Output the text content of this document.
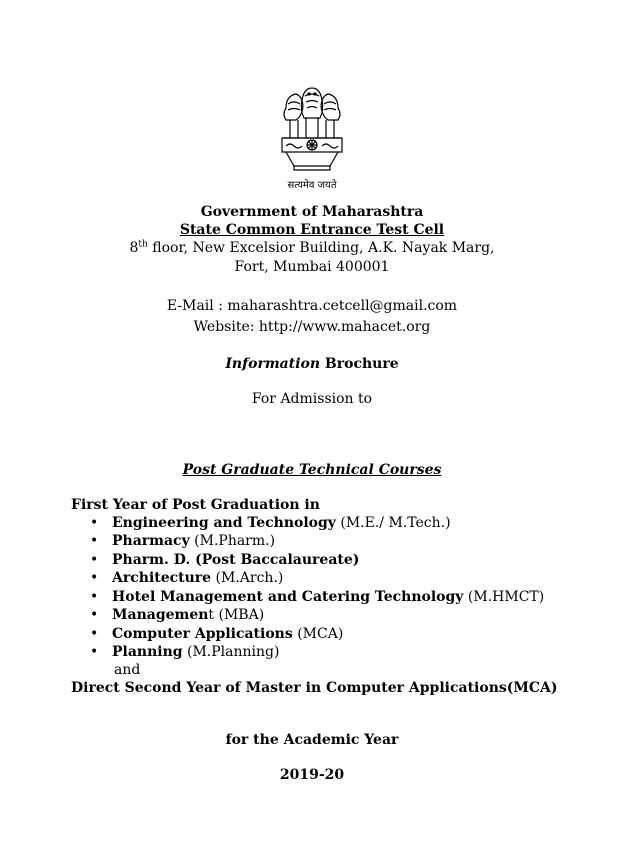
सत्यमेव जयते
Government of Maharashtra
State Common Entrance Test Cell
8th floor, New Excelsior Building, A.K. Nayak Marg,
Fort, Mumbai 400001
E-Mail : maharashtra.cetcell@gmail.com
Website: http://www.mahacet.org
Information Brochure
For Admission to
Post Graduate Technical Courses
First Year of Post Graduation in
• Engineering and Technology (M.E./ M.Tech.)
• Pharmacy (M.Pharm.)
• Pharm. D. (Post Baccalaureate)
• Architecture (M.Arch.)
• Hotel Management and Catering Technology (M.HMCT)
• Management (MBA)
• Computer Applications (MCA)
• Planning (M.Planning)
and
Direct Second Year of Master in Computer Applications(MCA)
for the Academic Year
2019-20
